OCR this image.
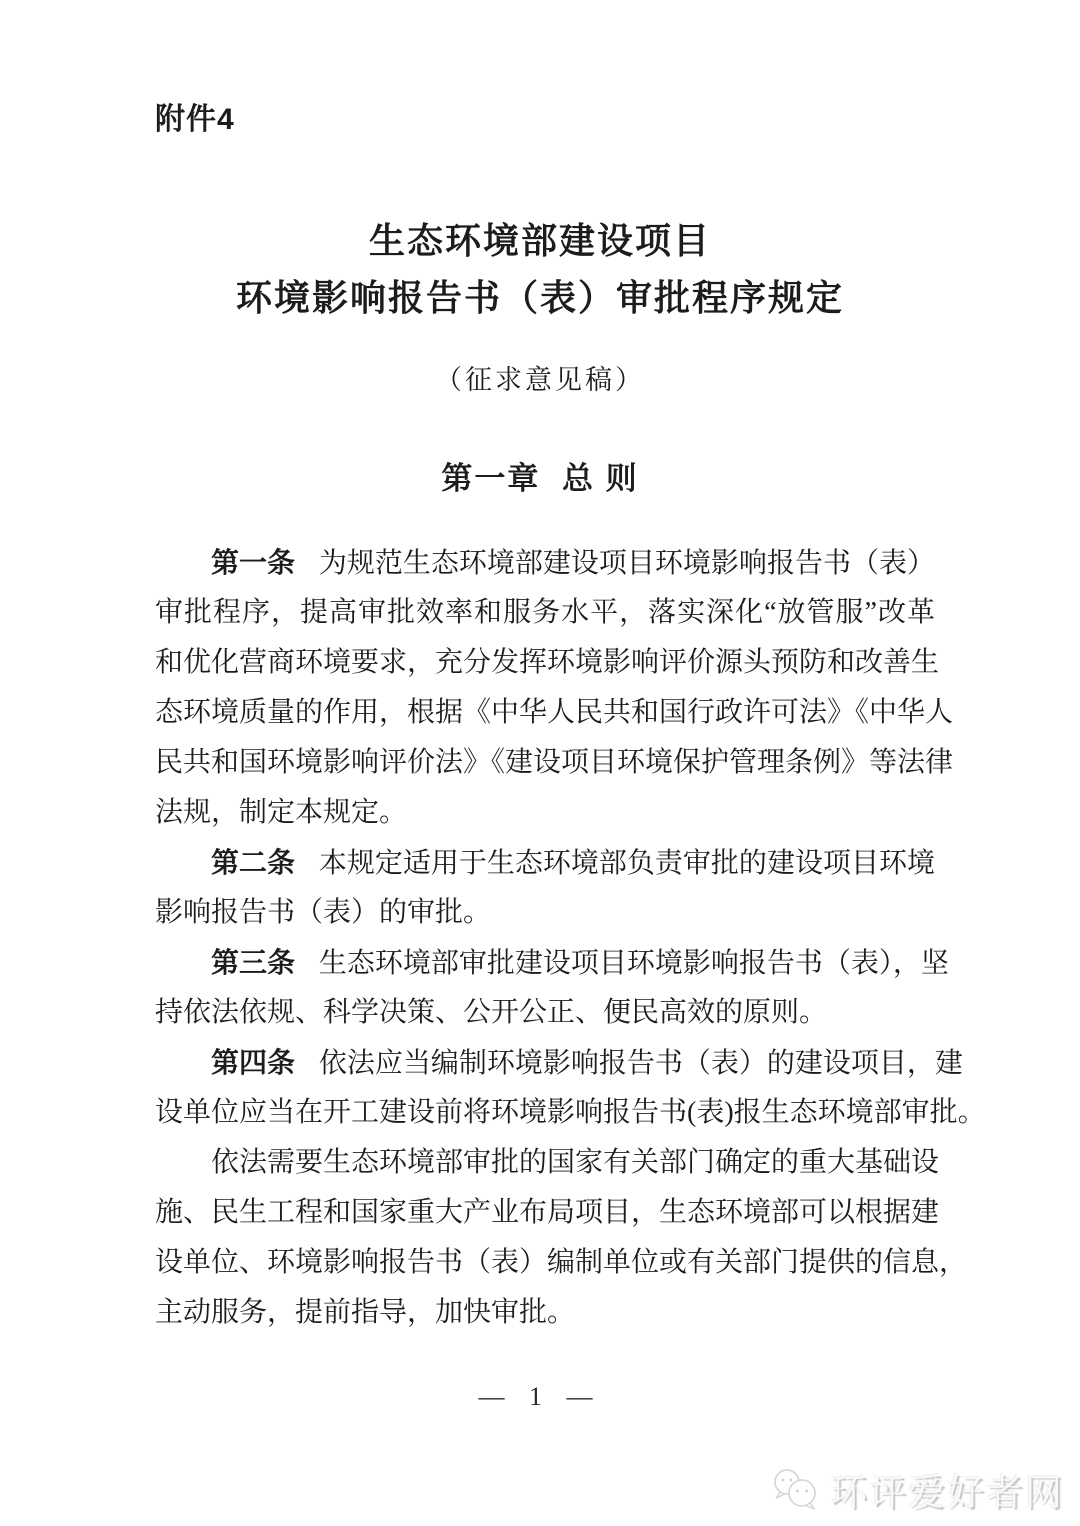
附件4
生态环境部建设项目
环境影响报告书（表）审批程序规定
（征求意见稿）
第一章 总 则
第一条 为规范生态环境部建设项目环境影响报告书（表）
审批程序，提高审批效率和服务水平，落实深化“放管服”改革
和优化营商环境要求，充分发挥环境影响评价源头预防和改善生
态环境质量的作用，根据《中华人民共和国行政许可法》《中华人
民共和国环境影响评价法》《建设项目环境保护管理条例》等法律
法规，制定本规定。
第二条 本规定适用于生态环境部负责审批的建设项目环境
影响报告书（表）的审批。
第三条 生态环境部审批建设项目环境影响报告书（表），坚
持依法依规、科学决策、公开公正、便民高效的原则。
第四条 依法应当编制环境影响报告书（表）的建设项目，建
设单位应当在开工建设前将环境影响报告书(表)报生态环境部审批。
依法需要生态环境部审批的国家有关部门确定的重大基础设
施、民生工程和国家重大产业布局项目，生态环境部可以根据建
设单位、环境影响报告书（表）编制单位或有关部门提供的信息，
主动服务，提前指导，加快审批。
— 1 —
环评爱好者网
